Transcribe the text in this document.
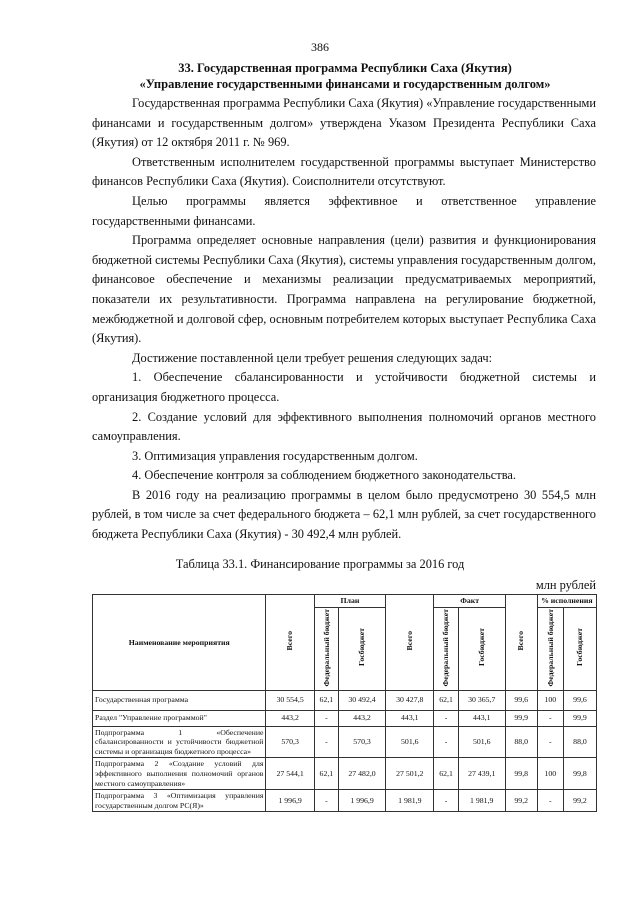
386
33. Государственная программа Республики Саха (Якутия)
«Управление государственными финансами и государственным долгом»

Государственная программа Республики Саха (Якутия) «Управление государственными финансами и государственным долгом» утверждена Указом Президента Республики Саха (Якутия) от 12 октября 2011 г. № 969.

Ответственным исполнителем государственной программы выступает Министерство финансов Республики Саха (Якутия). Соисполнители отсутствуют.

Целью программы является эффективное и ответственное управление государственными финансами.

Программа определяет основные направления (цели) развития и функционирования бюджетной системы Республики Саха (Якутия), системы управления государственным долгом, финансовое обеспечение и механизмы реализации предусматриваемых мероприятий, показатели их результативности. Программа направлена на регулирование бюджетной, межбюджетной и долговой сфер, основным потребителем которых выступает Республика Саха (Якутия).

Достижение поставленной цели требует решения следующих задач:

1. Обеспечение сбалансированности и устойчивости бюджетной системы и организация бюджетного процесса.

2. Создание условий для эффективного выполнения полномочий органов местного самоуправления.

3. Оптимизация управления государственным долгом.

4. Обеспечение контроля за соблюдением бюджетного законодательства.

В 2016 году на реализацию программы в целом было предусмотрено 30 554,5 млн рублей, в том числе за счет федерального бюджета – 62,1 млн рублей, за счет государственного бюджета Республики Саха (Якутия) - 30 492,4 млн рублей.

Таблица 33.1. Финансирование программы за 2016 год
млн рублей
Наименование мероприятия	Всего	План		Всего	Факт		Всего	% исполнения	
		Федеральный бюджет	Госбюджет		Федеральный бюджет	Госбюджет		Федеральный бюджет	Госбюджет
Государственная программа	30 554,5	62,1	30 492,4	30 427,8	62,1	30 365,7	99,6	100	99,6
Раздел "Управление программой"	443,2	-	443,2	443,1	-	443,1	99,9	-	99,9
Подпрограмма 1 «Обеспечение сбалансированности и устойчивости бюджетной системы и организация бюджетного процесса»	570,3	-	570,3	501,6	-	501,6	88,0	-	88,0
Подпрограмма 2 «Создание условий для эффективного выполнения полномочий органов местного самоуправления»	27 544,1	62,1	27 482,0	27 501,2	62,1	27 439,1	99,8	100	99,8
Подпрограмма 3 «Оптимизация управления государственным долгом РС(Я)»	1 996,9	-	1 996,9	1 981,9	-	1 981,9	99,2	-	99,2
